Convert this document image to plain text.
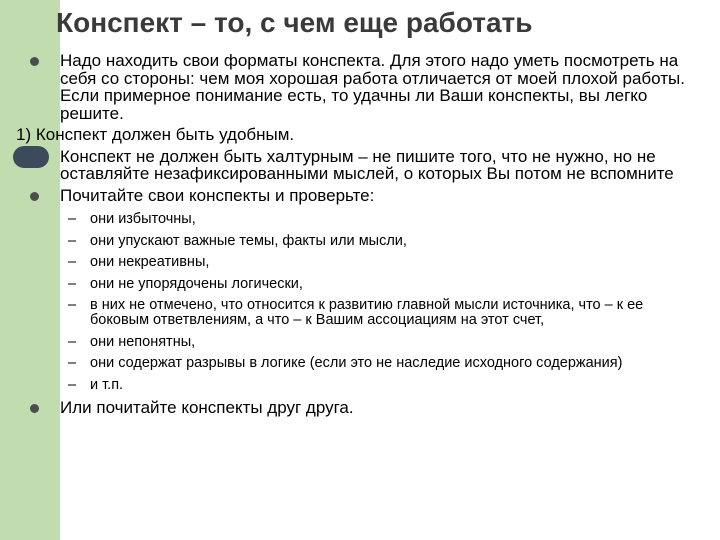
Конспект – то, с чем еще работать
Надо находить свои форматы конспекта. Для этого надо уметь посмотреть на себя со стороны: чем моя хорошая работа отличается от моей плохой работы. Если примерное понимание есть, то удачны ли Ваши конспекты, вы легко решите.
1) Конспект должен быть удобным.
Конспект не должен быть халтурным – не пишите того, что не нужно, но не оставляйте незафиксированными мыслей, о которых Вы потом не вспомните
Почитайте свои конспекты и проверьте:
– они избыточны,
– они упускают важные темы, факты или мысли,
– они некреативны,
– они не упорядочены логически,
– в них не отмечено, что относится к развитию главной мысли источника, что – к ее боковым ответвлениям, а что – к Вашим ассоциациям на этот счет,
– они непонятны,
– они содержат разрывы в логике (если это не наследие исходного содержания)
– и т.п.
Или почитайте конспекты друг друга.
